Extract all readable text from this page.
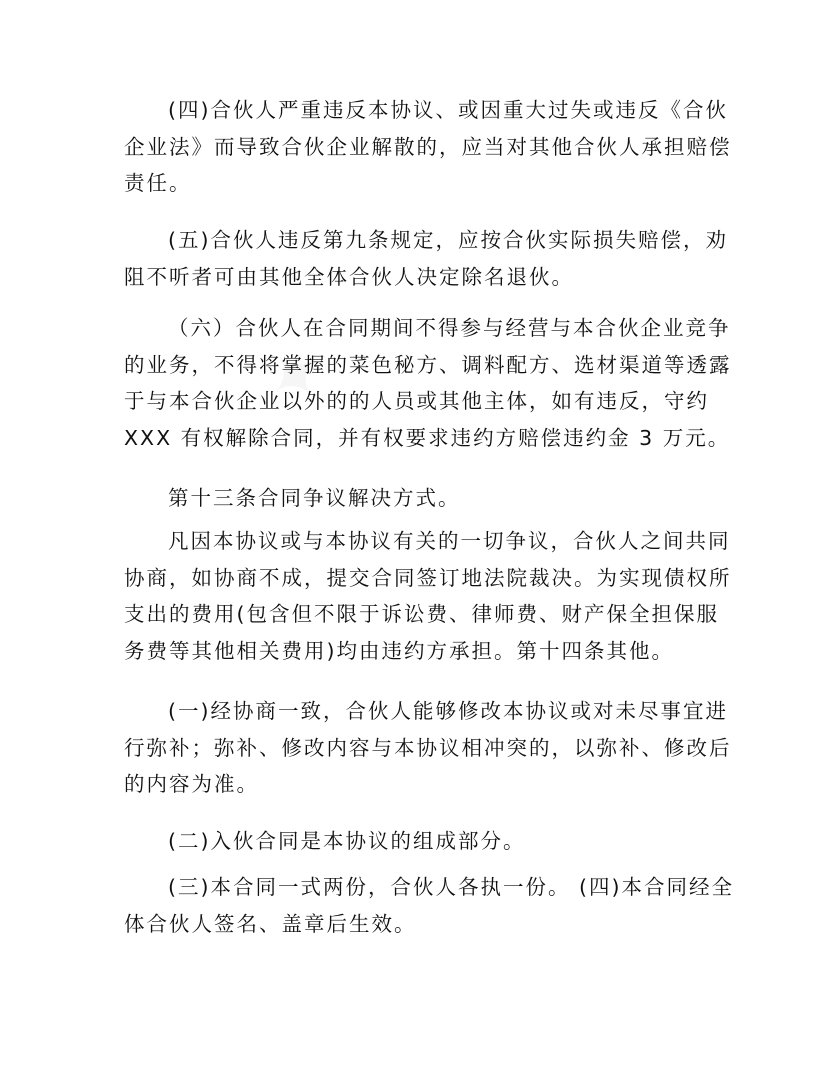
✦
(四)合伙人严重违反本协议、或因重大过失或违反《合伙
企业法》而导致合伙企业解散的，应当对其他合伙人承担赔偿
责任。
(五)合伙人违反第九条规定，应按合伙实际损失赔偿，劝
阻不听者可由其他全体合伙人决定除名退伙。
（六）合伙人在合同期间不得参与经营与本合伙企业竞争
的业务，不得将掌握的菜色秘方、调料配方、选材渠道等透露
于与本合伙企业以外的的人员或其他主体，如有违反，守约
XXX 有权解除合同，并有权要求违约方赔偿违约金 3 万元。
第十三条合同争议解决方式。
凡因本协议或与本协议有关的一切争议，合伙人之间共同
协商，如协商不成，提交合同签订地法院裁决。为实现债权所
支出的费用(包含但不限于诉讼费、律师费、财产保全担保服
务费等其他相关费用)均由违约方承担。第十四条其他。
(一)经协商一致，合伙人能够修改本协议或对未尽事宜进
行弥补；弥补、修改内容与本协议相冲突的，以弥补、修改后
的内容为准。
(二)入伙合同是本协议的组成部分。
(三)本合同一式两份，合伙人各执一份。 (四)本合同经全
体合伙人签名、盖章后生效。
